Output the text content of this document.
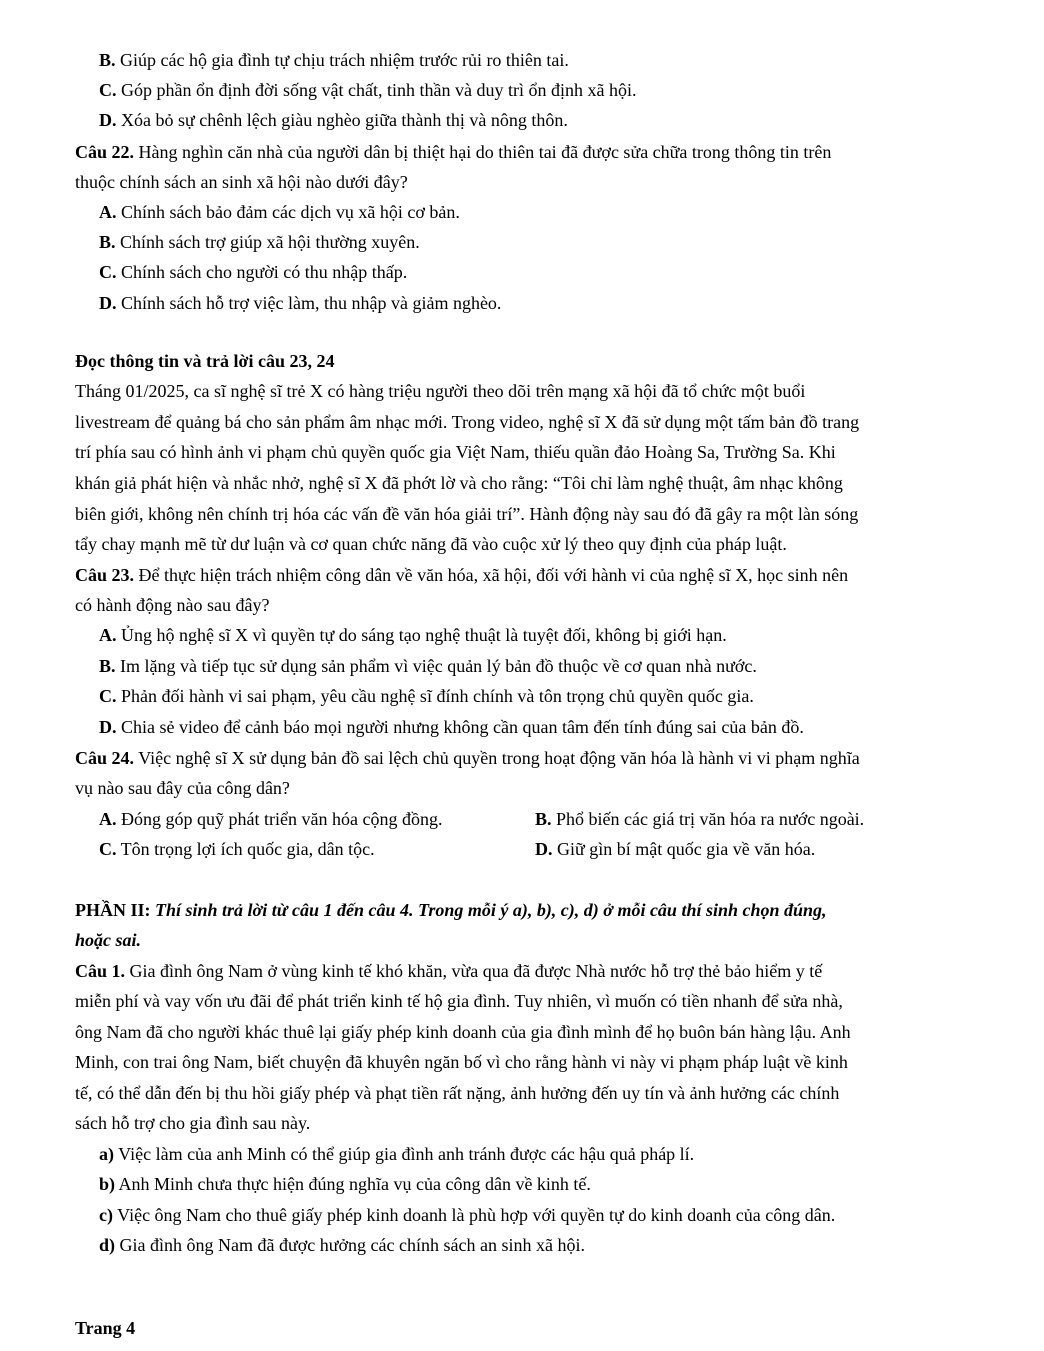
B. Giúp các hộ gia đình tự chịu trách nhiệm trước rủi ro thiên tai.
C. Góp phần ổn định đời sống vật chất, tinh thần và duy trì ổn định xã hội.
D. Xóa bỏ sự chênh lệch giàu nghèo giữa thành thị và nông thôn.
Câu 22. Hàng nghìn căn nhà của người dân bị thiệt hại do thiên tai đã được sửa chữa trong thông tin trên
thuộc chính sách an sinh xã hội nào dưới đây?
A. Chính sách bảo đảm các dịch vụ xã hội cơ bản.
B. Chính sách trợ giúp xã hội thường xuyên.
C. Chính sách cho người có thu nhập thấp.
D. Chính sách hỗ trợ việc làm, thu nhập và giảm nghèo.
Đọc thông tin và trả lời câu 23, 24
Tháng 01/2025, ca sĩ nghệ sĩ trẻ X có hàng triệu người theo dõi trên mạng xã hội đã tổ chức một buổi
livestream để quảng bá cho sản phẩm âm nhạc mới. Trong video, nghệ sĩ X đã sử dụng một tấm bản đồ trang
trí phía sau có hình ảnh vi phạm chủ quyền quốc gia Việt Nam, thiếu quần đảo Hoàng Sa, Trường Sa. Khi
khán giả phát hiện và nhắc nhở, nghệ sĩ X đã phớt lờ và cho rằng: “Tôi chỉ làm nghệ thuật, âm nhạc không
biên giới, không nên chính trị hóa các vấn đề văn hóa giải trí”. Hành động này sau đó đã gây ra một làn sóng
tẩy chay mạnh mẽ từ dư luận và cơ quan chức năng đã vào cuộc xử lý theo quy định của pháp luật.
Câu 23. Để thực hiện trách nhiệm công dân về văn hóa, xã hội, đối với hành vi của nghệ sĩ X, học sinh nên
có hành động nào sau đây?
A. Ủng hộ nghệ sĩ X vì quyền tự do sáng tạo nghệ thuật là tuyệt đối, không bị giới hạn.
B. Im lặng và tiếp tục sử dụng sản phẩm vì việc quản lý bản đồ thuộc về cơ quan nhà nước.
C. Phản đối hành vi sai phạm, yêu cầu nghệ sĩ đính chính và tôn trọng chủ quyền quốc gia.
D. Chia sẻ video để cảnh báo mọi người nhưng không cần quan tâm đến tính đúng sai của bản đồ.
Câu 24. Việc nghệ sĩ X sử dụng bản đồ sai lệch chủ quyền trong hoạt động văn hóa là hành vi vi phạm nghĩa
vụ nào sau đây của công dân?
A. Đóng góp quỹ phát triển văn hóa cộng đồng.	B. Phổ biến các giá trị văn hóa ra nước ngoài.
C. Tôn trọng lợi ích quốc gia, dân tộc.	D. Giữ gìn bí mật quốc gia về văn hóa.
PHẦN II: Thí sinh trả lời từ câu 1 đến câu 4. Trong mỗi ý a), b), c), d) ở mỗi câu thí sinh chọn đúng,
hoặc sai.
Câu 1. Gia đình ông Nam ở vùng kinh tế khó khăn, vừa qua đã được Nhà nước hỗ trợ thẻ bảo hiểm y tế
miễn phí và vay vốn ưu đãi để phát triển kinh tế hộ gia đình. Tuy nhiên, vì muốn có tiền nhanh để sửa nhà,
ông Nam đã cho người khác thuê lại giấy phép kinh doanh của gia đình mình để họ buôn bán hàng lậu. Anh
Minh, con trai ông Nam, biết chuyện đã khuyên ngăn bố vì cho rằng hành vi này vi phạm pháp luật về kinh
tế, có thể dẫn đến bị thu hồi giấy phép và phạt tiền rất nặng, ảnh hưởng đến uy tín và ảnh hưởng các chính
sách hỗ trợ cho gia đình sau này.
a) Việc làm của anh Minh có thể giúp gia đình anh tránh được các hậu quả pháp lí.
b) Anh Minh chưa thực hiện đúng nghĩa vụ của công dân về kinh tế.
c) Việc ông Nam cho thuê giấy phép kinh doanh là phù hợp với quyền tự do kinh doanh của công dân.
d) Gia đình ông Nam đã được hưởng các chính sách an sinh xã hội.
Trang 4
